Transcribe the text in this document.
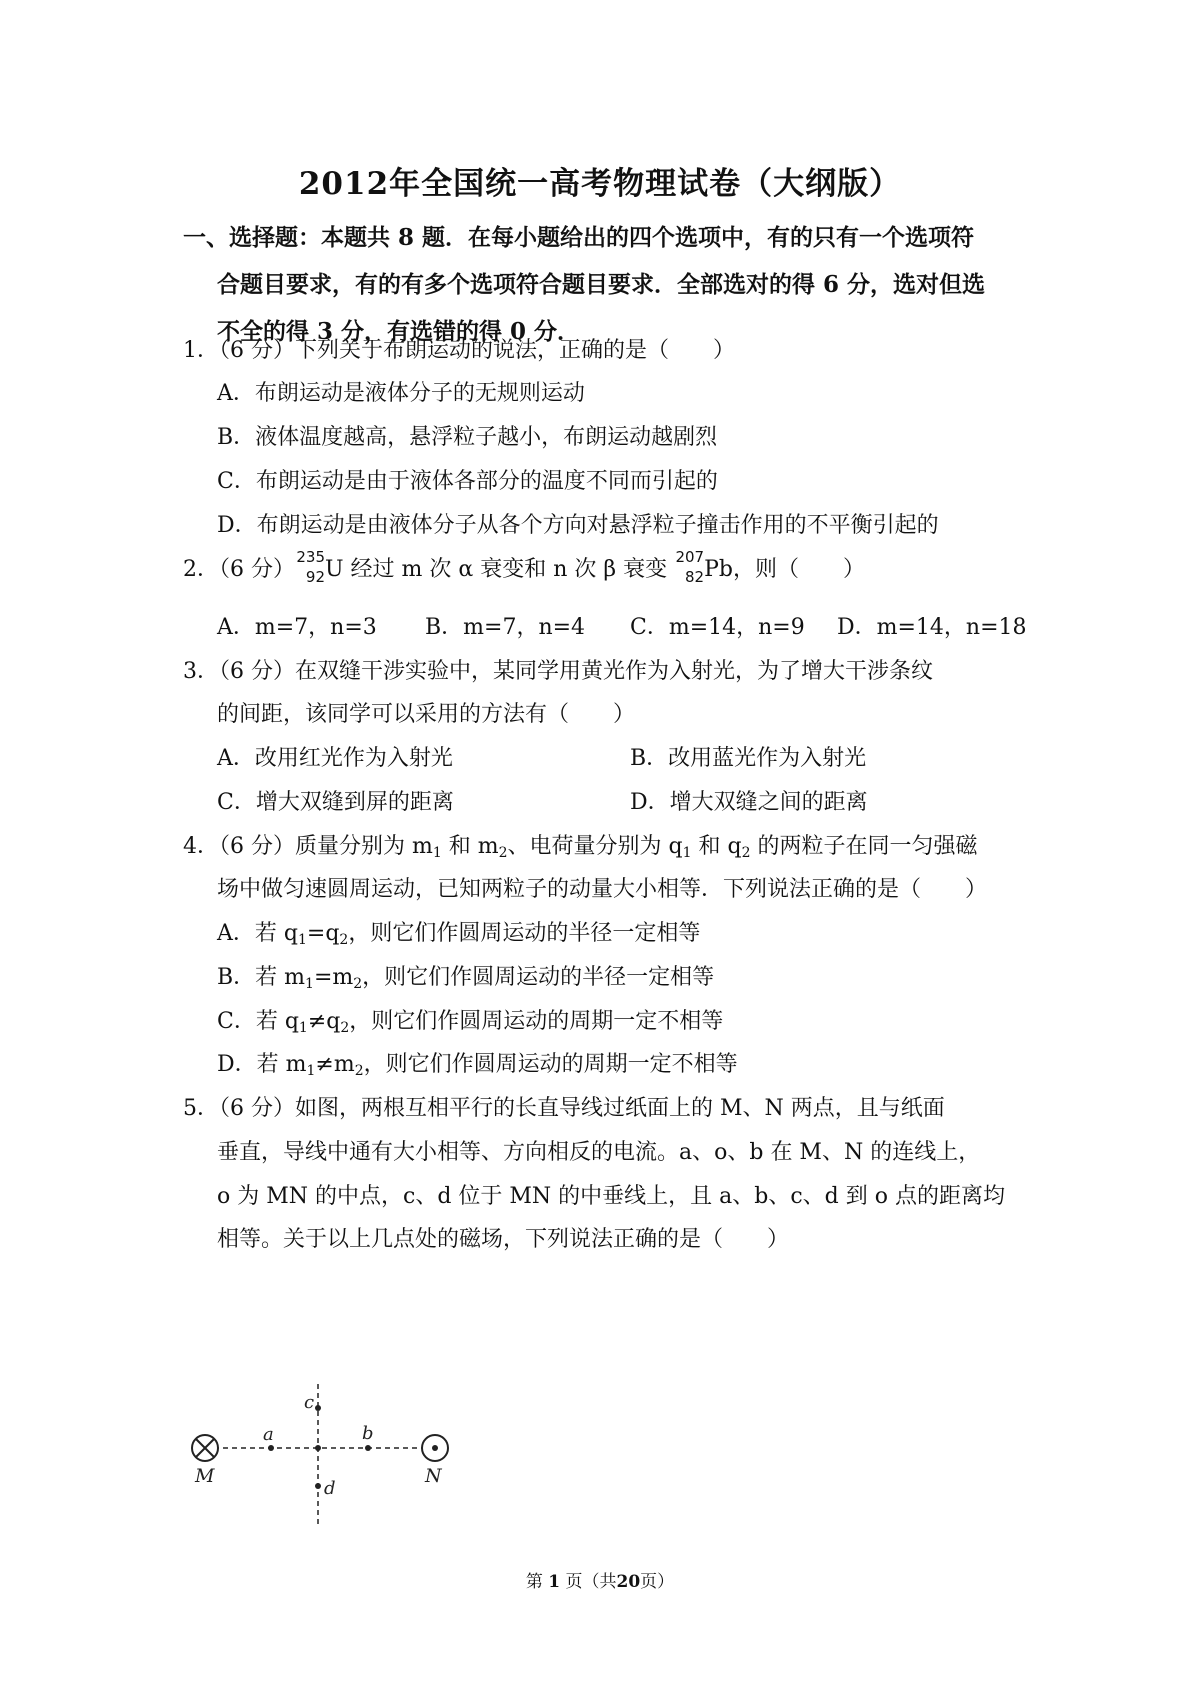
2012年全国统一高考物理试卷（大纲版）
一、选择题：本题共 8 题．在每小题给出的四个选项中，有的只有一个选项符
合题目要求，有的有多个选项符合题目要求．全部选对的得 6 分，选对但选
不全的得 3 分，有选错的得 0 分．
1．（6 分）下列关于布朗运动的说法，正确的是（　　）
A．布朗运动是液体分子的无规则运动
B．液体温度越高，悬浮粒子越小，布朗运动越剧烈
C．布朗运动是由于液体各部分的温度不同而引起的
D．布朗运动是由液体分子从各个方向对悬浮粒子撞击作用的不平衡引起的
2．（6 分） 235
92 U 经过 m 次 α 衰变和 n 次 β 衰变 207
82 Pb，则（　　）
A．m=7，n=3 B．m=7，n=4 C．m=14，n=9 D．m=14，n=18
3．（6 分）在双缝干涉实验中，某同学用黄光作为入射光，为了增大干涉条纹
的间距，该同学可以采用的方法有（　　）
A．改用红光作为入射光	B．改用蓝光作为入射光
C．增大双缝到屏的距离	D．增大双缝之间的距离
4．（6 分）质量分别为 $m_1$ 和 $m_2$、电荷量分别为 $q_1$ 和 $q_2$ 的两粒子在同一匀强磁
场中做匀速圆周运动，已知两粒子的动量大小相等．下列说法正确的是（　　）
A．若 $q_1=q_2$，则它们作圆周运动的半径一定相等
B．若 $m_1=m_2$，则它们作圆周运动的半径一定相等
C．若 $q_1\ne q_2$，则它们作圆周运动的周期一定不相等
D．若 $m_1\ne m_2$，则它们作圆周运动的周期一定不相等
5．（6 分）如图，两根互相平行的长直导线过纸面上的 M、N 两点，且与纸面
垂直，导线中通有大小相等、方向相反的电流。a、o、b 在 M、N 的连线上，
o 为 MN 的中点，c、d 位于 MN 的中垂线上，且 a、b、c、d 到 o 点的距离均
相等。关于以上几点处的磁场，下列说法正确的是（　　）
M	N
a	b
c
d
第 1 页（共20页）
